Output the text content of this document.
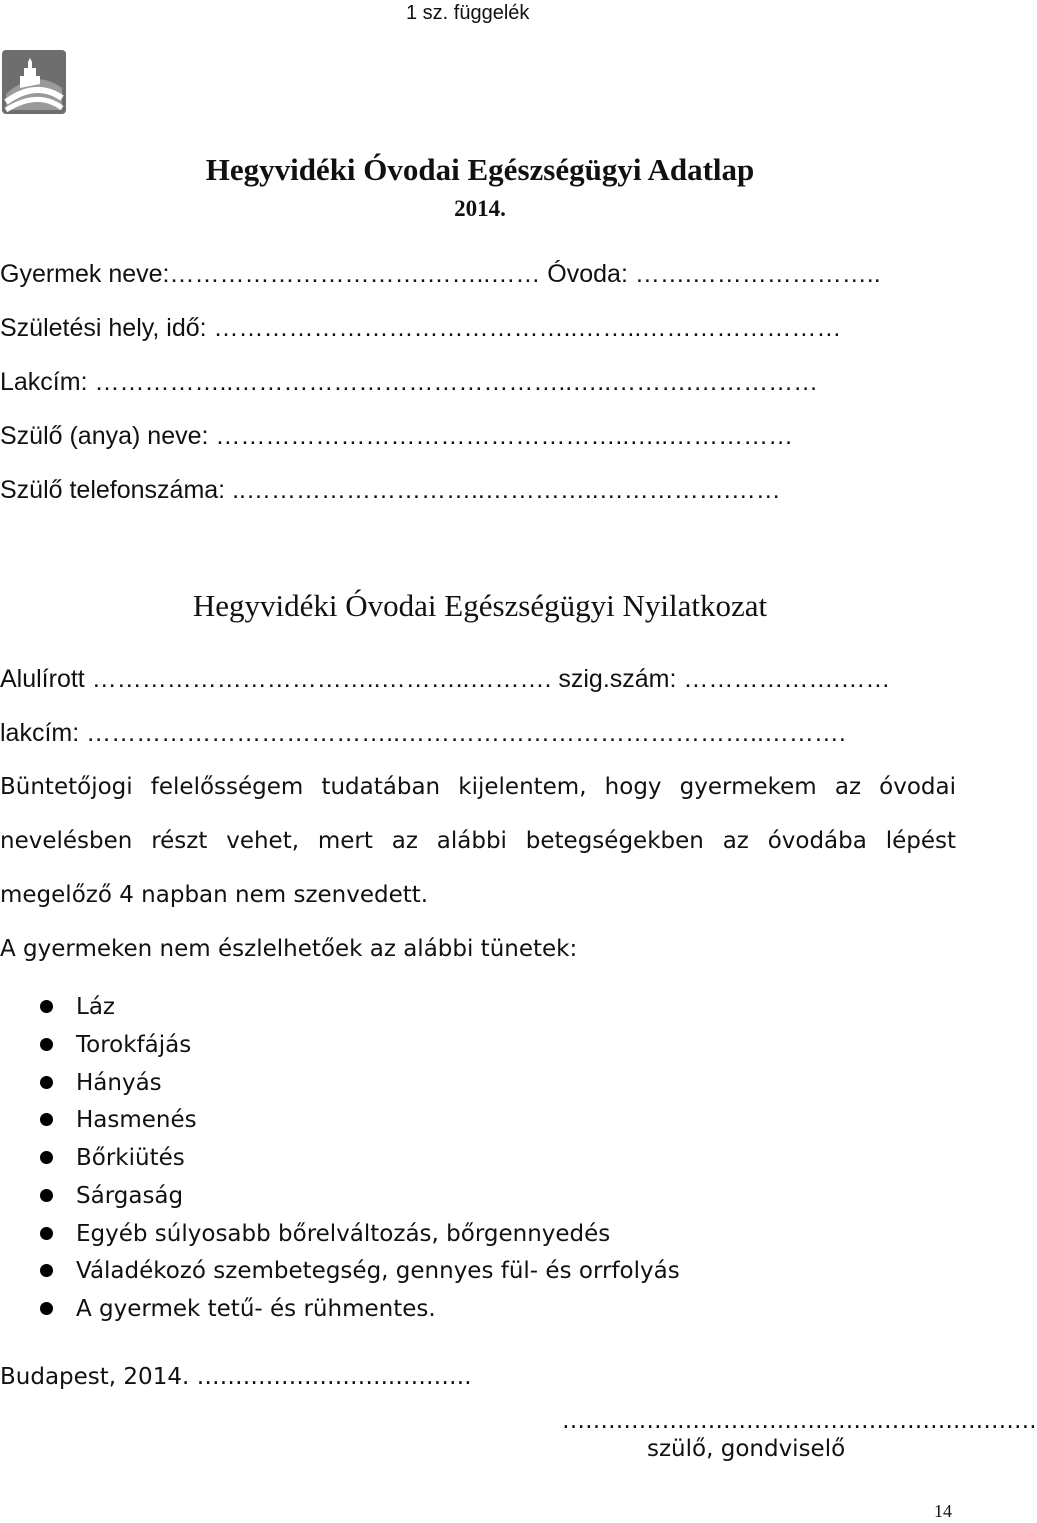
1 sz. függelék
Hegyvidéki Óvodai Egészségügyi Adatlap
2014.
Gyermek neve:………………………….……..…… Óvoda: …….…………………..
Születési hely, idő: ……………………………………..……..……………………
Lakcím: ……………..…………………………………..…..……….……………
Szülő (anya) neve: …………………………………………..…..……………
Szülő telefonszáma: ..………………………..…………..…………….……
Hegyvidéki Óvodai Egészségügyi Nyilatkozat
Alulírott ……………………………..………..………. szig.szám: ……………….……
lakcím: ………………………………..……………………………………..……….
Büntetőjogi felelősségem tudatában kijelentem, hogy gyermekem az óvodai
nevelésben részt vehet, mert az alábbi betegségekben az óvodába lépést
megelőző 4 napban nem szenvedett.
A gyermeken nem észlelhetőek az alábbi tünetek:
Láz
Torokfájás
Hányás
Hasmenés
Bőrkiütés
Sárgaság
Egyéb súlyosabb bőrelváltozás, bőrgennyedés
Váladékozó szembetegség, gennyes fül- és orrfolyás
A gyermek tetű- és rühmentes.
Budapest, 2014. ……………………..……….
…………………………………………….……….
szülő, gondviselő
14
